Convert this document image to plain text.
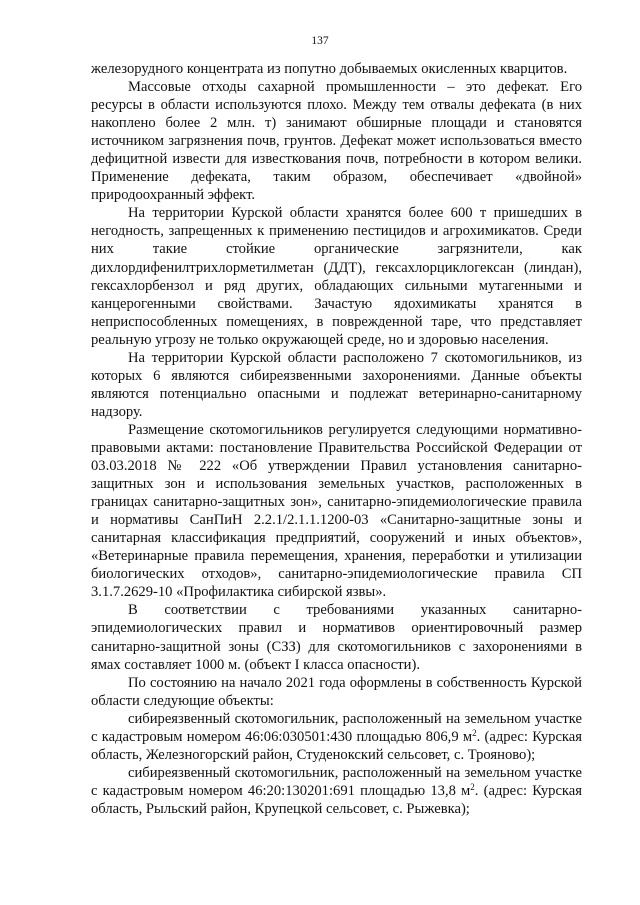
137

железорудного концентрата из попутно добываемых окисленных кварцитов.

Массовые отходы сахарной промышленности – это дефекат. Его ресурсы в области используются плохо. Между тем отвалы дефеката (в них накоплено более 2 млн. т) занимают обширные площади и становятся источником загрязнения почв, грунтов. Дефекат может использоваться вместо дефицитной извести для известкования почв, потребности в котором велики. Применение дефеката, таким образом, обеспечивает «двойной» природоохранный эффект.

На территории Курской области хранятся более 600 т пришедших в негодность, запрещенных к применению пестицидов и агрохимикатов. Среди них такие стойкие органические загрязнители, как дихлордифенилтрихлорметилметан (ДДТ), гексахлорциклогексан (линдан), гексахлорбензол и ряд других, обладающих сильными мутагенными и канцерогенными свойствами. Зачастую ядохимикаты хранятся в неприспособленных помещениях, в поврежденной таре, что представляет реальную угрозу не только окружающей среде, но и здоровью населения.

На территории Курской области расположено 7 скотомогильников, из которых 6 являются сибиреязвенными захоронениями. Данные объекты являются потенциально опасными и подлежат ветеринарно-санитарному надзору.

Размещение скотомогильников регулируется следующими нормативно-правовыми актами: постановление Правительства Российской Федерации от 03.03.2018 № 222 «Об утверждении Правил установления санитарно-защитных зон и использования земельных участков, расположенных в границах санитарно-защитных зон», санитарно-эпидемиологические правила и нормативы СанПиН 2.2.1/2.1.1.1200-03 «Санитарно-защитные зоны и санитарная классификация предприятий, сооружений и иных объектов», «Ветеринарные правила перемещения, хранения, переработки и утилизации биологических отходов», санитарно-эпидемиологические правила СП 3.1.7.2629-10 «Профилактика сибирской язвы».

В соответствии с требованиями указанных санитарно-эпидемиологических правил и нормативов ориентировочный размер санитарно-защитной зоны (СЗЗ) для скотомогильников с захоронениями в ямах составляет 1000 м. (объект I класса опасности).

По состоянию на начало 2021 года оформлены в собственность Курской области следующие объекты:

сибиреязвенный скотомогильник, расположенный на земельном участке с кадастровым номером 46:06:030501:430 площадью 806,9 $м^2$. (адрес: Курская область, Железногорский район, Студенокский сельсовет, с. Трояново);

сибиреязвенный скотомогильник, расположенный на земельном участке с кадастровым номером 46:20:130201:691 площадью 13,8 $м^2$. (адрес: Курская область, Рыльский район, Крупецкой сельсовет, с. Рыжевка);
